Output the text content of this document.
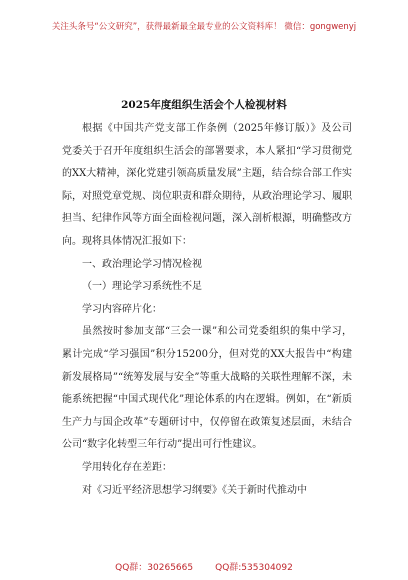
关注头条号“公文研究”，获得最新最全最专业的公文资料库！ 微信：gongwenyj
2025年度组织生活会个人检视材料

根据《中国共产党支部工作条例（2025年修订版）》及公司党委关于召开年度组织生活会的部署要求，本人紧扣“学习贯彻党的XX大精神，深化党建引领高质量发展”主题，结合综合部工作实际，对照党章党规、岗位职责和群众期待，从政治理论学习、履职担当、纪律作风等方面全面检视问题，深入剖析根源，明确整改方向。现将具体情况汇报如下：

一、政治理论学习情况检视

（一）理论学习系统性不足

学习内容碎片化：

虽然按时参加支部“三会一课”和公司党委组织的集中学习，累计完成“学习强国”积分15200分，但对党的XX大报告中“构建新发展格局”“统筹发展与安全”等重大战略的关联性理解不深，未能系统把握“中国式现代化”理论体系的内在逻辑。例如，在“新质生产力与国企改革”专题研讨中，仅停留在政策复述层面，未结合公司“数字化转型三年行动”提出可行性建议。

学用转化存在差距：

对《习近平经济思想学习纲要》《关于新时代推动中

QQ群：30265665 QQ群:535304092
